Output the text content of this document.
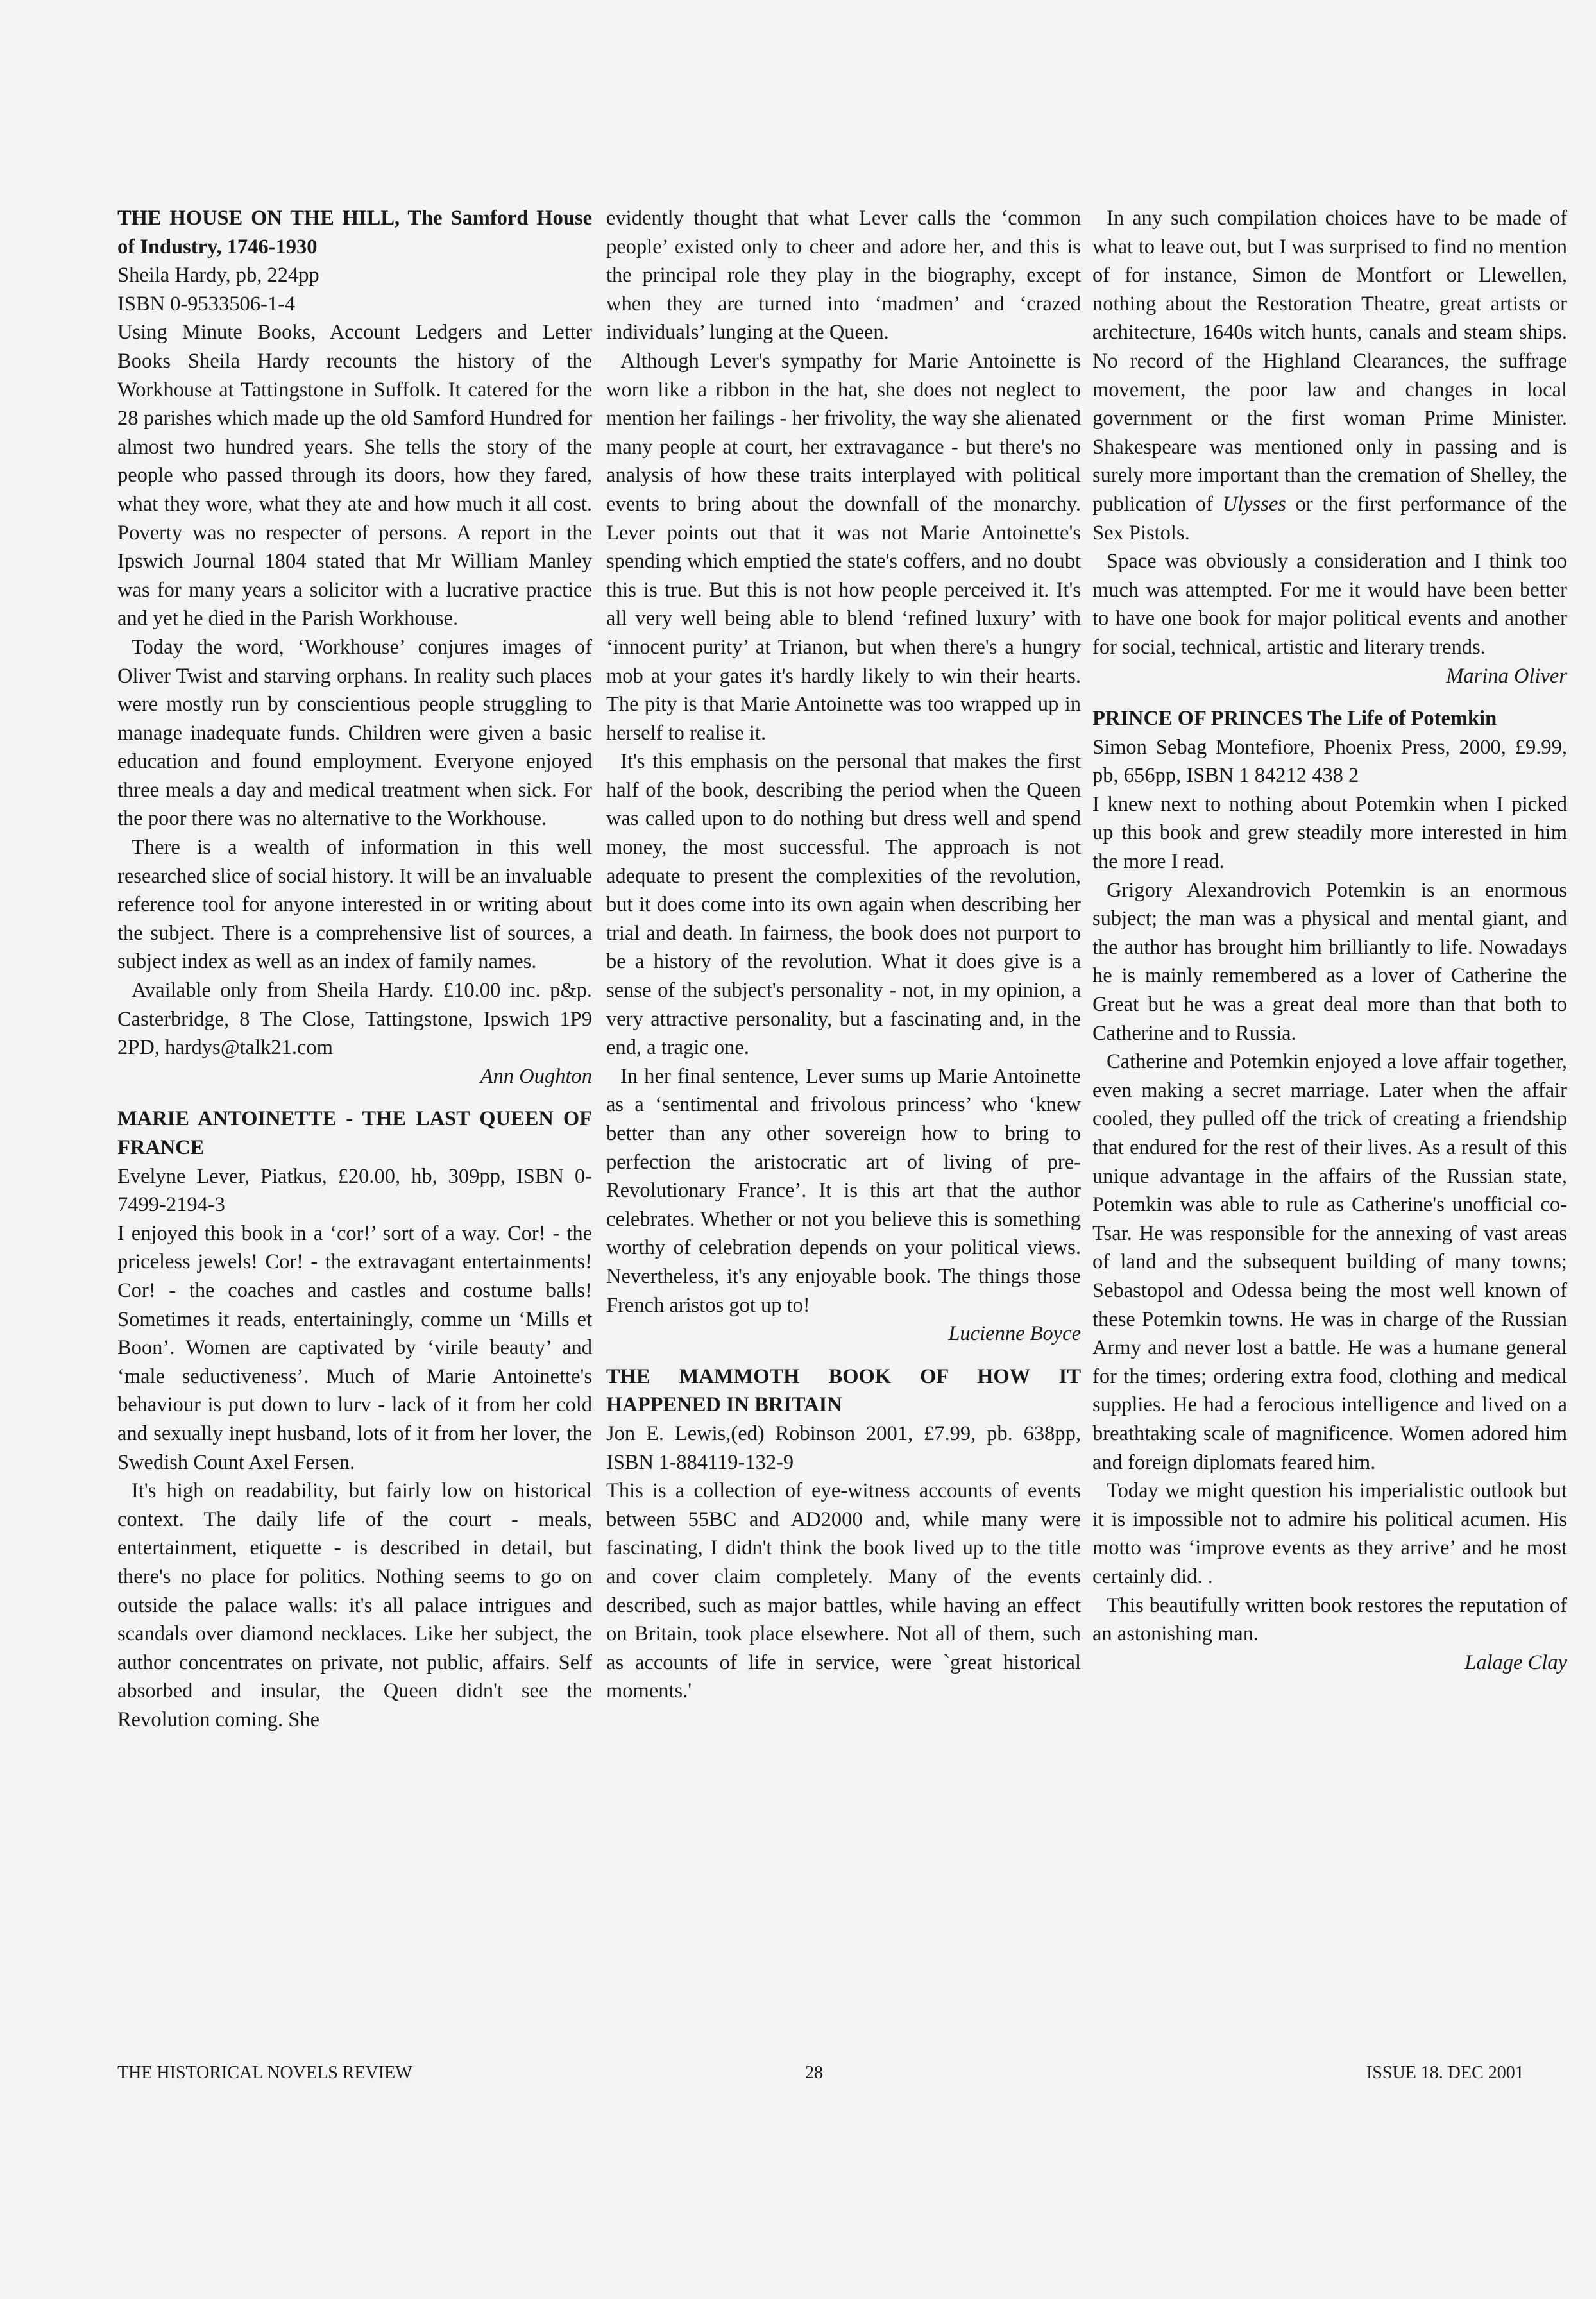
THE HOUSE ON THE HILL, The Samford House of Industry, 1746-1930

Sheila Hardy, pb, 224pp

ISBN 0-9533506-1-4

Using Minute Books, Account Ledgers and Letter Books Sheila Hardy recounts the history of the Workhouse at Tattingstone in Suffolk. It catered for the 28 parishes which made up the old Samford Hundred for almost two hundred years. She tells the story of the people who passed through its doors, how they fared, what they wore, what they ate and how much it all cost. Poverty was no respecter of persons. A report in the Ipswich Journal 1804 stated that Mr William Manley was for many years a solicitor with a lucrative practice and yet he died in the Parish Workhouse.

Today the word, ‘Workhouse’ conjures images of Oliver Twist and starving orphans. In reality such places were mostly run by conscientious people struggling to manage inadequate funds. Children were given a basic education and found employment. Everyone enjoyed three meals a day and medical treatment when sick. For the poor there was no alternative to the Workhouse.

There is a wealth of information in this well researched slice of social history. It will be an invaluable reference tool for anyone interested in or writing about the subject. There is a comprehensive list of sources, a subject index as well as an index of family names.

Available only from Sheila Hardy. £10.00 inc. p&p. Casterbridge, 8 The Close, Tattingstone, Ipswich 1P9 2PD, hardys@talk21.com

Ann Oughton

MARIE ANTOINETTE - THE LAST QUEEN OF FRANCE

Evelyne Lever, Piatkus, £20.00, hb, 309pp, ISBN 0-7499-2194-3

I enjoyed this book in a ‘cor!’ sort of a way. Cor! - the priceless jewels! Cor! - the extravagant entertainments! Cor! - the coaches and castles and costume balls! Sometimes it reads, entertainingly, comme un ‘Mills et Boon’. Women are captivated by ‘virile beauty’ and ‘male seductiveness’. Much of Marie Antoinette's behaviour is put down to lurv - lack of it from her cold and sexually inept husband, lots of it from her lover, the Swedish Count Axel Fersen.

It's high on readability, but fairly low on historical context. The daily life of the court - meals, entertainment, etiquette - is described in detail, but there's no place for politics. Nothing seems to go on outside the palace walls: it's all palace intrigues and scandals over diamond necklaces. Like her subject, the author concentrates on private, not public, affairs. Self absorbed and insular, the Queen didn't see the Revolution coming. She

evidently thought that what Lever calls the ‘common people’ existed only to cheer and adore her, and this is the principal role they play in the biography, except when they are turned into ‘madmen’ and ‘crazed individuals’ lunging at the Queen.

Although Lever's sympathy for Marie Antoinette is worn like a ribbon in the hat, she does not neglect to mention her failings - her frivolity, the way she alienated many people at court, her extravagance - but there's no analysis of how these traits interplayed with political events to bring about the downfall of the monarchy. Lever points out that it was not Marie Antoinette's spending which emptied the state's coffers, and no doubt this is true. But this is not how people perceived it. It's all very well being able to blend ‘refined luxury’ with ‘innocent purity’ at Trianon, but when there's a hungry mob at your gates it's hardly likely to win their hearts. The pity is that Marie Antoinette was too wrapped up in herself to realise it.

It's this emphasis on the personal that makes the first half of the book, describing the period when the Queen was called upon to do nothing but dress well and spend money, the most successful. The approach is not adequate to present the complexities of the revolution, but it does come into its own again when describing her trial and death. In fairness, the book does not purport to be a history of the revolution. What it does give is a sense of the subject's personality - not, in my opinion, a very attractive personality, but a fascinating and, in the end, a tragic one.

In her final sentence, Lever sums up Marie Antoinette as a ‘sentimental and frivolous princess’ who ‘knew better than any other sovereign how to bring to perfection the aristocratic art of living of pre-Revolutionary France’. It is this art that the author celebrates. Whether or not you believe this is something worthy of celebration depends on your political views. Nevertheless, it's any enjoyable book. The things those French aristos got up to!

Lucienne Boyce

THE MAMMOTH BOOK OF HOW IT HAPPENED IN BRITAIN

Jon E. Lewis,(ed) Robinson 2001, £7.99, pb. 638pp, ISBN 1-884119-132-9

This is a collection of eye-witness accounts of events between 55BC and AD2000 and, while many were fascinating, I didn't think the book lived up to the title and cover claim completely. Many of the events described, such as major battles, while having an effect on Britain, took place elsewhere. Not all of them, such as accounts of life in service, were `great historical moments.'

In any such compilation choices have to be made of what to leave out, but I was surprised to find no mention of for instance, Simon de Montfort or Llewellen, nothing about the Restoration Theatre, great artists or architecture, 1640s witch hunts, canals and steam ships. No record of the Highland Clearances, the suffrage movement, the poor law and changes in local government or the first woman Prime Minister. Shakespeare was mentioned only in passing and is surely more important than the cremation of Shelley, the publication of Ulysses or the first performance of the Sex Pistols.

Space was obviously a consideration and I think too much was attempted. For me it would have been better to have one book for major political events and another for social, technical, artistic and literary trends.

Marina Oliver

PRINCE OF PRINCES The Life of Potemkin

Simon Sebag Montefiore, Phoenix Press, 2000, £9.99, pb, 656pp, ISBN 1 84212 438 2

I knew next to nothing about Potemkin when I picked up this book and grew steadily more interested in him the more I read.

Grigory Alexandrovich Potemkin is an enormous subject; the man was a physical and mental giant, and the author has brought him brilliantly to life. Nowadays he is mainly remembered as a lover of Catherine the Great but he was a great deal more than that both to Catherine and to Russia.

Catherine and Potemkin enjoyed a love affair together, even making a secret marriage. Later when the affair cooled, they pulled off the trick of creating a friendship that endured for the rest of their lives. As a result of this unique advantage in the affairs of the Russian state, Potemkin was able to rule as Catherine's unofficial co-Tsar. He was responsible for the annexing of vast areas of land and the subsequent building of many towns; Sebastopol and Odessa being the most well known of these Potemkin towns. He was in charge of the Russian Army and never lost a battle. He was a humane general for the times; ordering extra food, clothing and medical supplies. He had a ferocious intelligence and lived on a breathtaking scale of magnificence. Women adored him and foreign diplomats feared him.

Today we might question his imperialistic outlook but it is impossible not to admire his political acumen. His motto was ‘improve events as they arrive’ and he most certainly did. .

This beautifully written book restores the reputation of an astonishing man.

Lalage Clay

THE HISTORICAL NOVELS REVIEW	28	ISSUE 18. DEC 2001
